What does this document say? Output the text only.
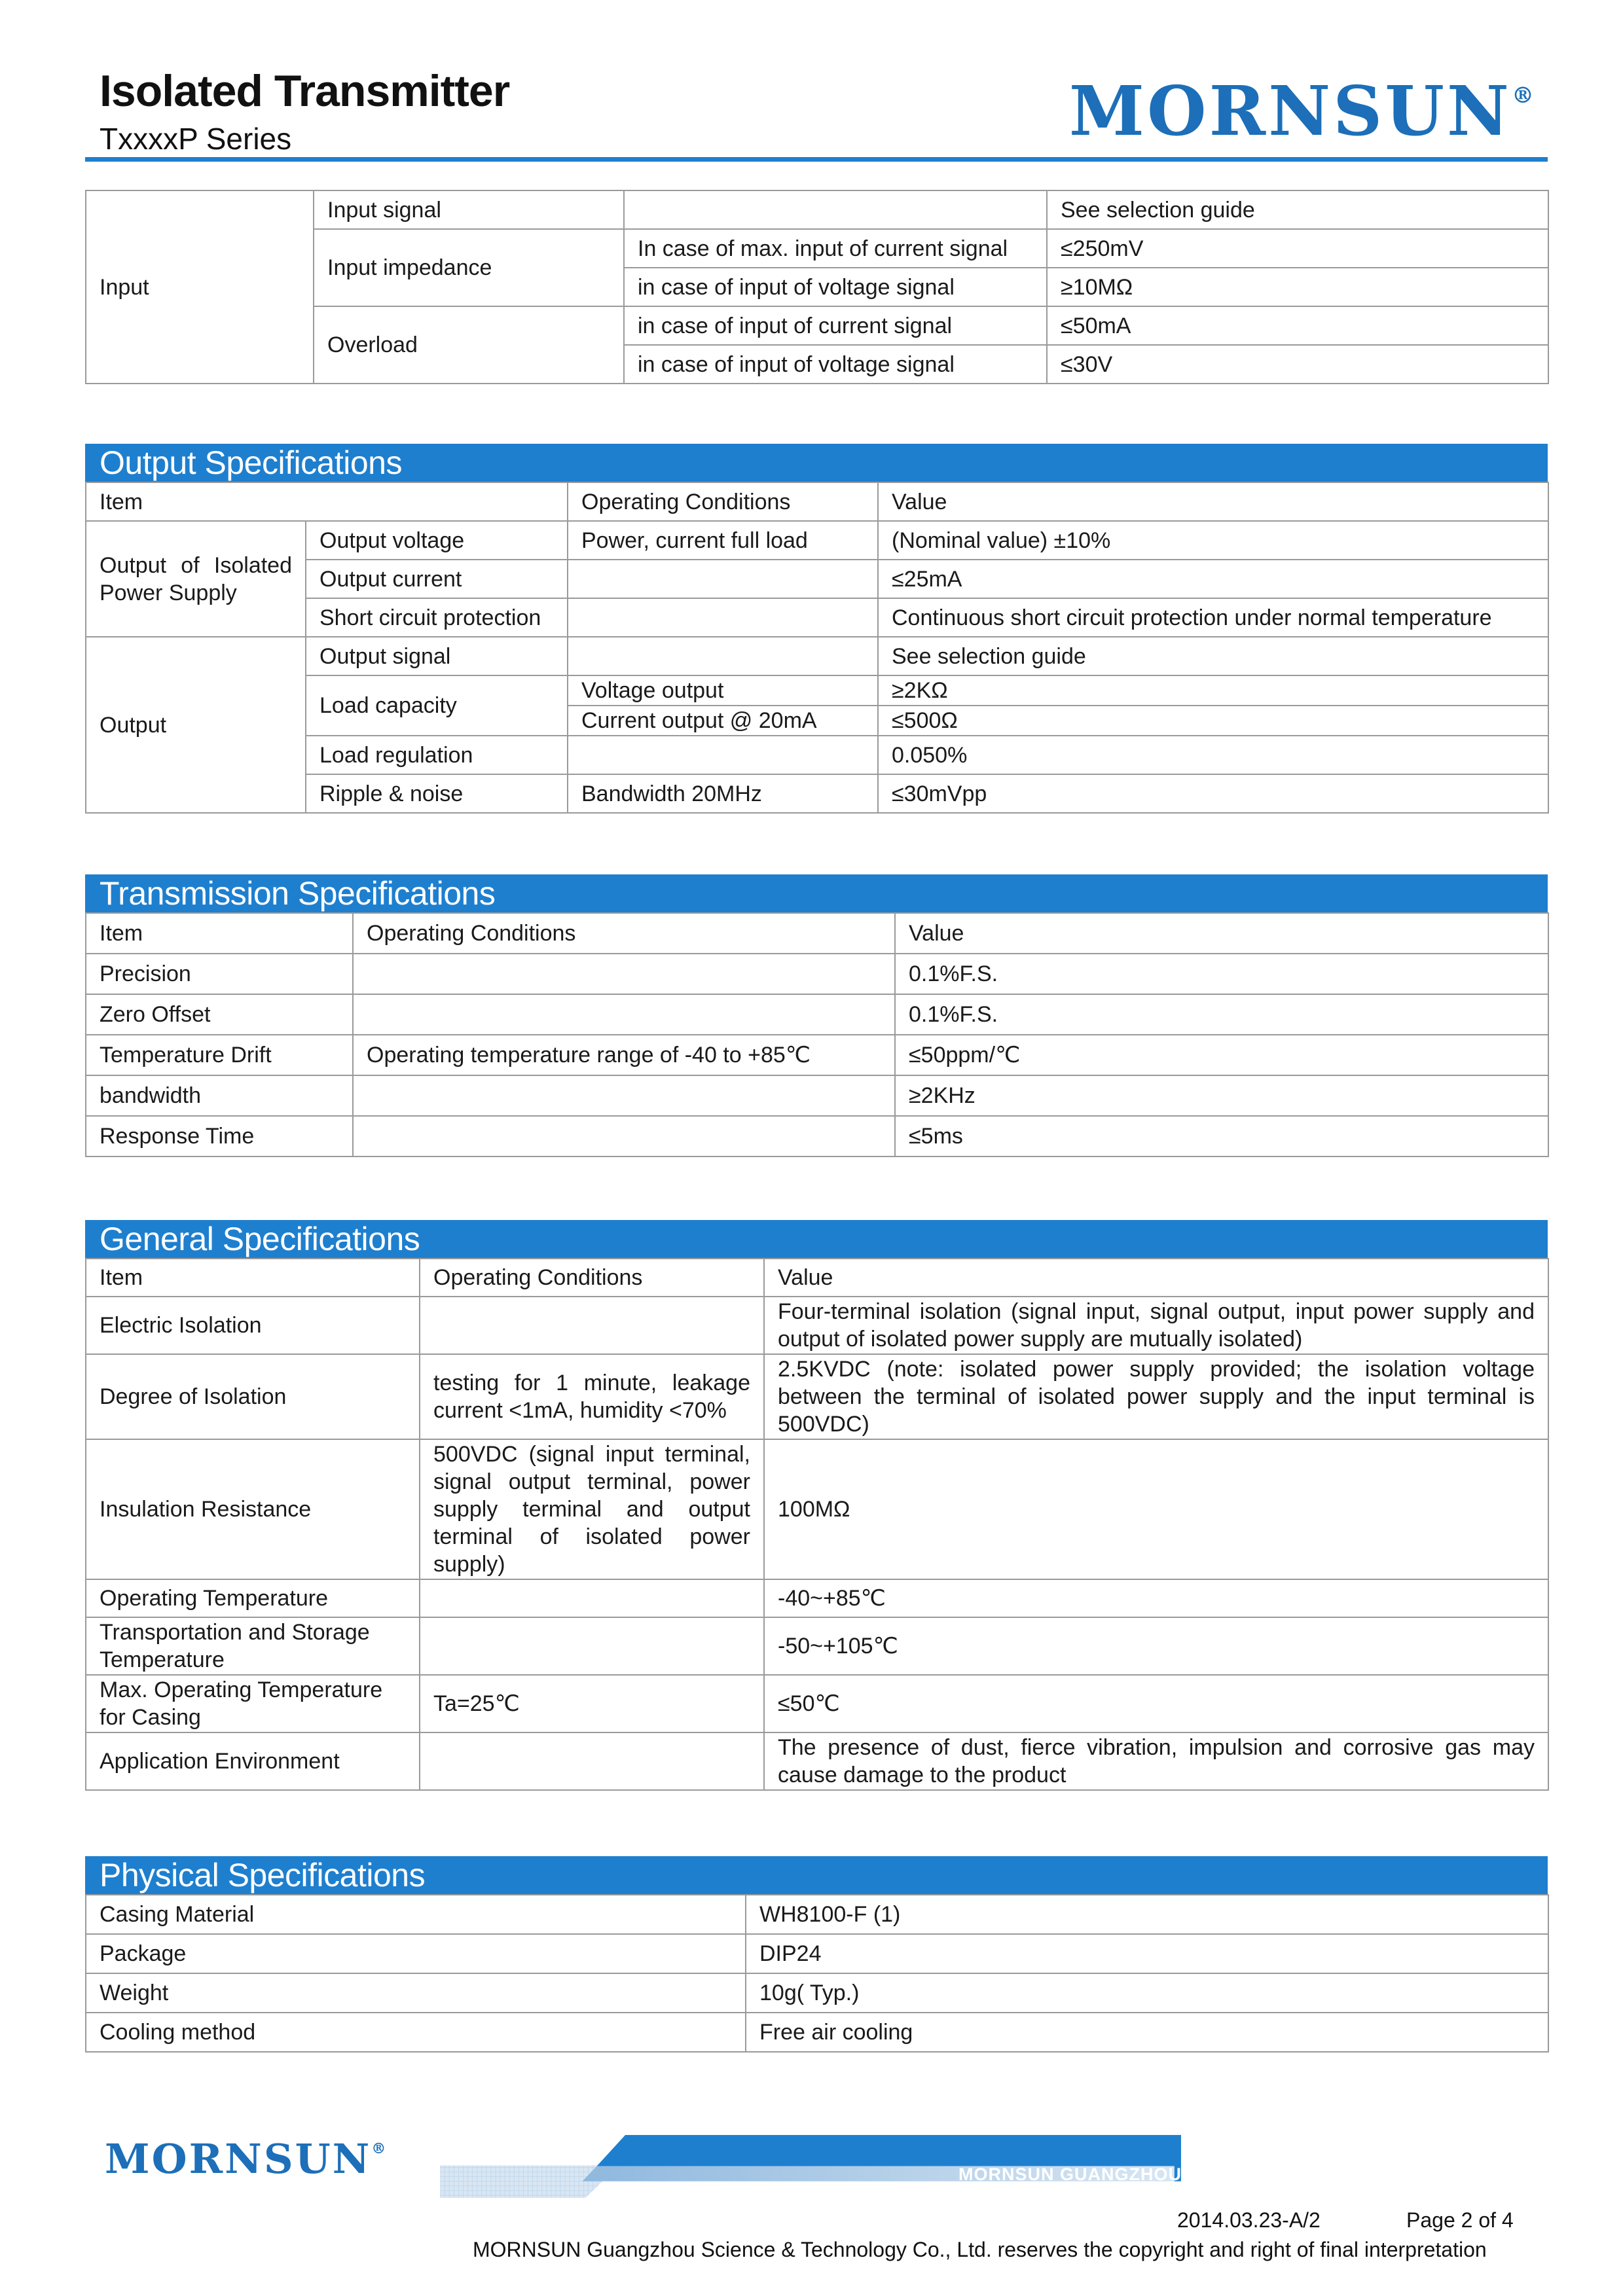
Isolated Transmitter
TxxxxP Series	MORNSUN®
Input	Input signal		See selection guide
	Input impedance	In case of max. input of current signal	≤250mV
		in case of input of voltage signal	≥10MΩ
	Overload	in case of input of current signal	≤50mA
		in case of input of voltage signal	≤30V
Output Specifications
Item		Operating Conditions	Value
Output of Isolated Power Supply	Output voltage	Power, current full load	(Nominal value) ±10%
	Output current		≤25mA
	Short circuit protection		Continuous short circuit protection under normal temperature
Output	Output signal		See selection guide
	Load capacity	Voltage output	≥2KΩ
		Current output @ 20mA	≤500Ω
	Load regulation		0.050%
	Ripple & noise	Bandwidth 20MHz	≤30mVpp
Transmission Specifications
Item	Operating Conditions	Value
Precision		0.1%F.S.
Zero Offset		0.1%F.S.
Temperature Drift	Operating temperature range of -40 to +85℃	≤50ppm/℃
bandwidth		≥2KHz
Response Time		≤5ms
General Specifications
Item	Operating Conditions	Value
Electric Isolation		Four-terminal isolation (signal input, signal output, input power supply and output of isolated power supply are mutually isolated)
Degree of Isolation	testing for 1 minute, leakage current <1mA, humidity <70%	2.5KVDC (note: isolated power supply provided; the isolation voltage between the terminal of isolated power supply and the input terminal is 500VDC)
Insulation Resistance	500VDC (signal input terminal, signal output terminal, power supply terminal and output terminal of isolated power supply)	100MΩ
Operating Temperature		-40~+85℃
Transportation and Storage Temperature		-50~+105℃
Max. Operating Temperature for Casing	Ta=25℃	≤50℃
Application Environment		The presence of dust, fierce vibration, impulsion and corrosive gas may cause damage to the product
Physical Specifications
Casing Material	WH8100-F (1)
Package	DIP24
Weight	10g( Typ.)
Cooling method	Free air cooling
MORNSUN®
MORNSUN GUANGZHOU SCIENCE & TECHNOLOGY CO.,LTD.
2014.03.23-A/2	Page 2 of 4
MORNSUN Guangzhou Science & Technology Co., Ltd. reserves the copyright and right of final interpretation
